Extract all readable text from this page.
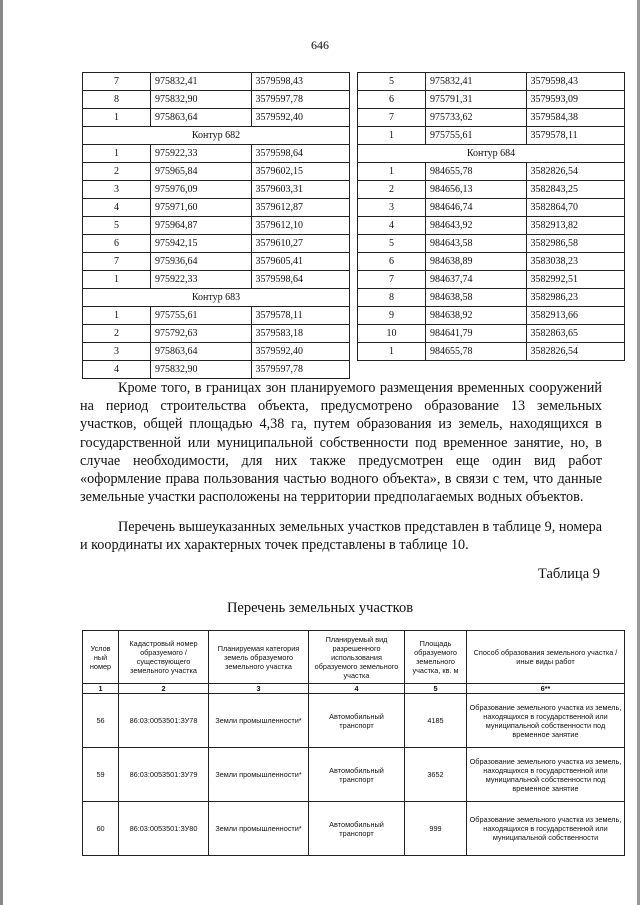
646
7	975832,41	3579598,43
8	975832,90	3579597,78
1	975863,64	3579592,40
Контур 682		
1	975922,33	3579598,64
2	975965,84	3579602,15
3	975976,09	3579603,31
4	975971,60	3579612,87
5	975964,87	3579612,10
6	975942,15	3579610,27
7	975936,64	3579605,41
1	975922,33	3579598,64
Контур 683		
1	975755,61	3579578,11
2	975792,63	3579583,18
3	975863,64	3579592,40
4	975832,90	3579597,78
5	975832,41	3579598,43
6	975791,31	3579593,09
7	975733,62	3579584,38
1	975755,61	3579578,11
Контур 684		
1	984655,78	3582826,54
2	984656,13	3582843,25
3	984646,74	3582864,70
4	984643,92	3582913,82
5	984643,58	3582986,58
6	984638,89	3583038,23
7	984637,74	3582992,51
8	984638,58	3582986,23
9	984638,92	3582913,66
10	984641,79	3582863,65
1	984655,78	3582826,54

Кроме того, в границах зон планируемого размещения временных сооружений на период строительства объекта, предусмотрено образование 13 земельных участков, общей площадью 4,38 га, путем образования из земель, находящихся в государственной или муниципальной собственности под временное занятие, но, в случае необходимости, для них также предусмотрен еще один вид работ «оформление права пользования частью водного объекта», в связи с тем, что данные земельные участки расположены на территории предполагаемых водных объектов.

Перечень вышеуказанных земельных участков представлен в таблице 9, номера и координаты их характерных точек представлены в таблице 10.

Таблица 9
Перечень земельных участков
Услов ный номер	Кадастровый номер образуемого /существующего земельного участка	Планируемая категория земель образуемого земельного участка	Планируемый вид разрешенного использования образуемого земельного участка	Площадь образуемого земельного участка, кв. м	Способ образования земельного участка / иные виды работ
1	2	3	4	5	6**
56	86:03:0053501:ЗУ78	Земли промышленности*	Автомобильный транспорт	4185	Образование земельного участка из земель, находящихся в государственной или муниципальной собственности под временное занятие
59	86:03:0053501:ЗУ79	Земли промышленности*	Автомобильный транспорт	3652	Образование земельного участка из земель, находящихся в государственной или муниципальной собственности под временное занятие
60	86:03:0053501:ЗУ80	Земли промышленности*	Автомобильный транспорт	999	Образование земельного участка из земель, находящихся в государственной или муниципальной собственности
